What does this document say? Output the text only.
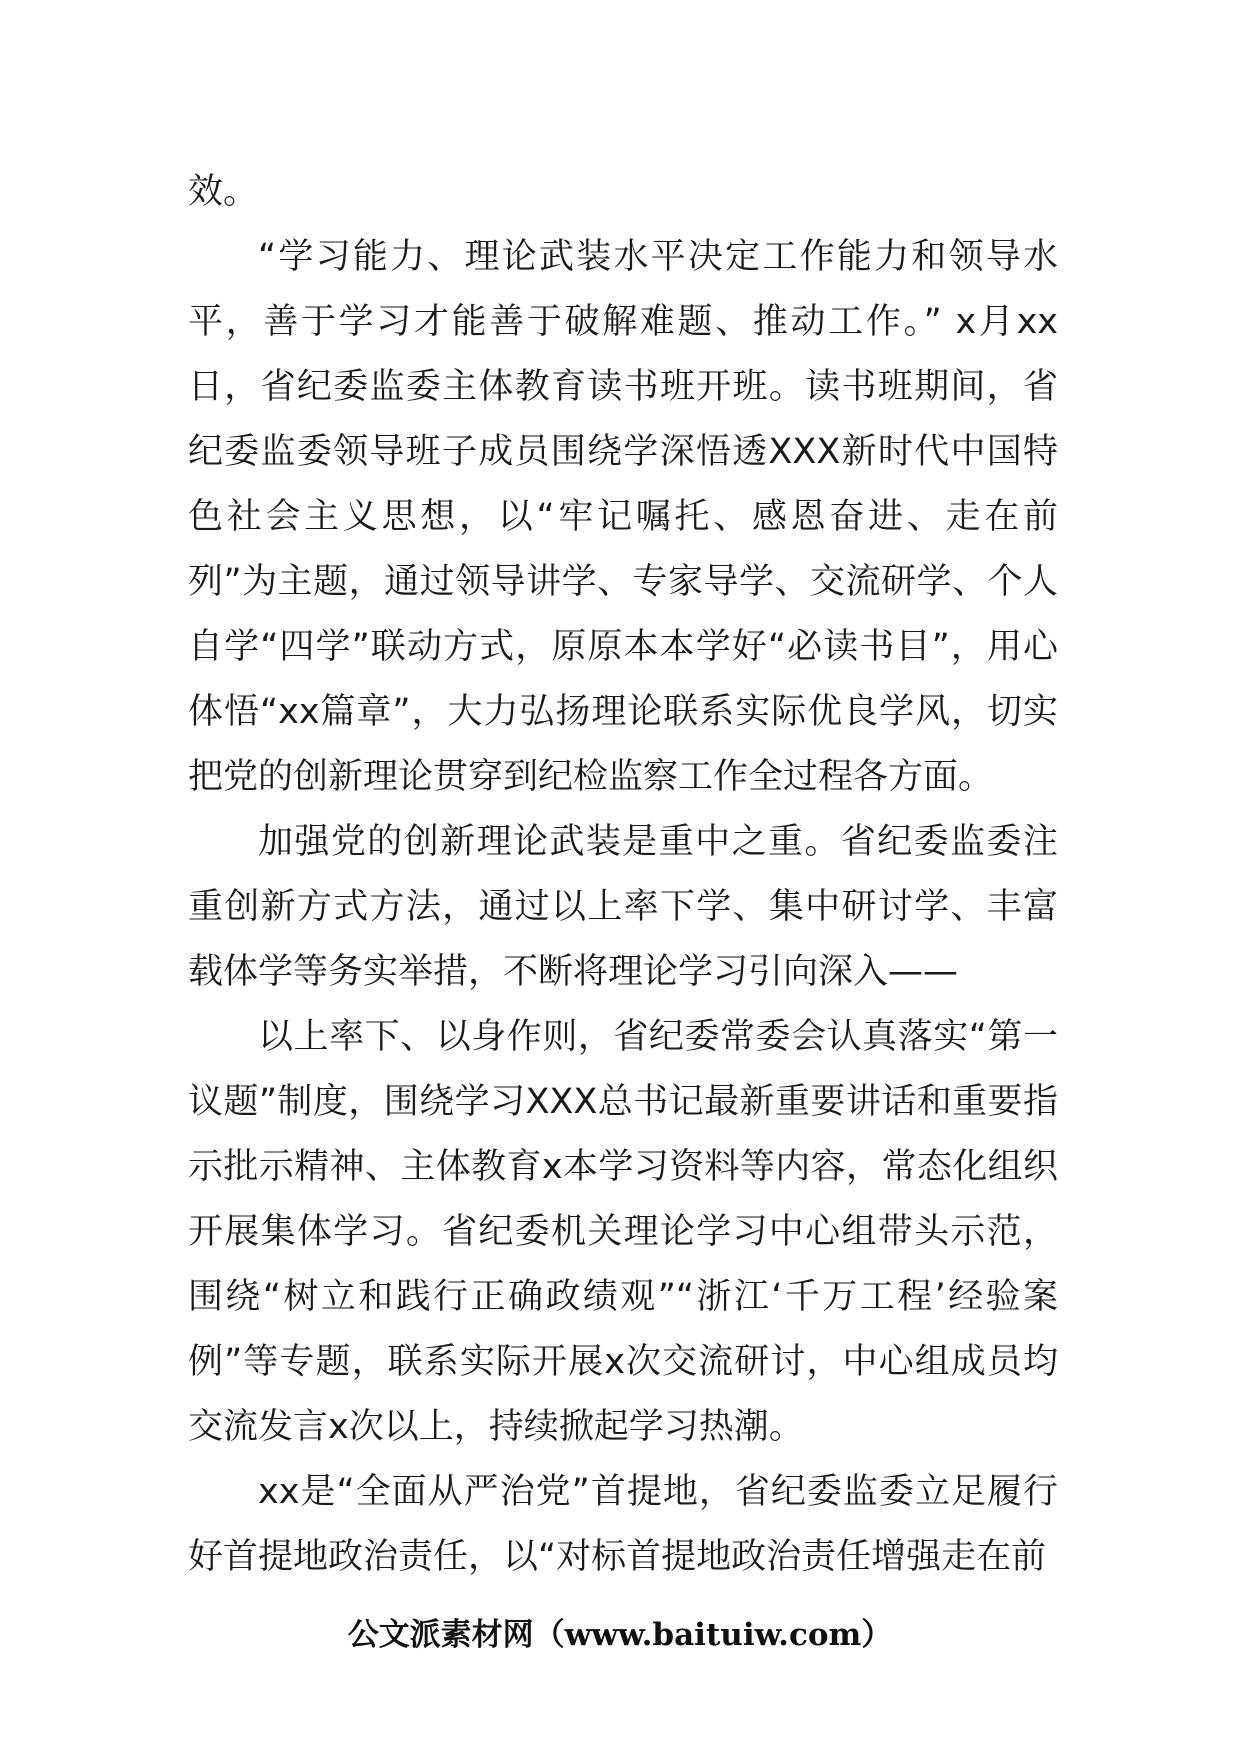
效。

“学习能力、理论武装水平决定工作能力和领导水平，善于学习才能善于破解难题、推动工作。” x月xx日，省纪委监委主体教育读书班开班。读书班期间，省纪委监委领导班子成员围绕学深悟透XXX新时代中国特色社会主义思想，以“牢记嘱托、感恩奋进、走在前列”为主题，通过领导讲学、专家导学、交流研学、个人自学“四学”联动方式，原原本本学好“必读书目”，用心体悟“xx篇章”，大力弘扬理论联系实际优良学风，切实把党的创新理论贯穿到纪检监察工作全过程各方面。

加强党的创新理论武装是重中之重。省纪委监委注重创新方式方法，通过以上率下学、集中研讨学、丰富载体学等务实举措，不断将理论学习引向深入——

以上率下、以身作则，省纪委常委会认真落实“第一议题”制度，围绕学习XXX总书记最新重要讲话和重要指示批示精神、主体教育x本学习资料等内容，常态化组织开展集体学习。省纪委机关理论学习中心组带头示范，围绕“树立和践行正确政绩观”“浙江‘千万工程’经验案例”等专题，联系实际开展x次交流研讨，中心组成员均交流发言x次以上，持续掀起学习热潮。

xx是“全面从严治党”首提地，省纪委监委立足履行好首提地政治责任，以“对标首提地政治责任增强走在前

公文派素材网（www.baituiw.com）
